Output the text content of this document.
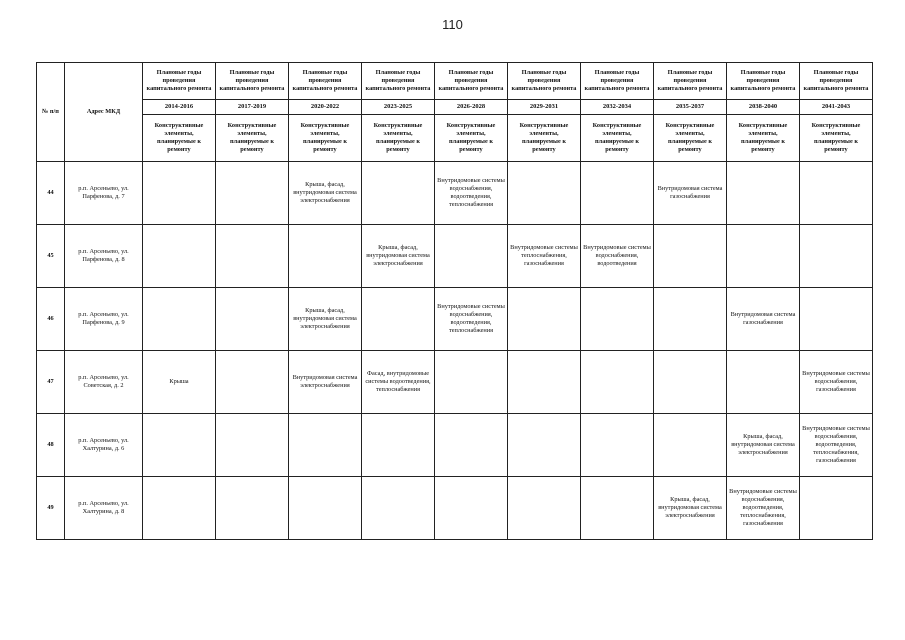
110
№ п/п	Адрес МКД	Плановые годы проведения капитального ремонта	Плановые годы проведения капитального ремонта	Плановые годы проведения капитального ремонта	Плановые годы проведения капитального ремонта	Плановые годы проведения капитального ремонта	Плановые годы проведения капитального ремонта	Плановые годы проведения капитального ремонта	Плановые годы проведения капитального ремонта	Плановые годы проведения капитального ремонта	Плановые годы проведения капитального ремонта
		2014-2016	2017-2019	2020-2022	2023-2025	2026-2028	2029-2031	2032-2034	2035-2037	2038-2040	2041-2043
		Конструктивные элементы, планируемые к ремонту	Конструктивные элементы, планируемые к ремонту	Конструктивные элементы, планируемые к ремонту	Конструктивные элементы, планируемые к ремонту	Конструктивные элементы, планируемые к ремонту	Конструктивные элементы, планируемые к ремонту	Конструктивные элементы, планируемые к ремонту	Конструктивные элементы, планируемые к ремонту	Конструктивные элементы, планируемые к ремонту	Конструктивные элементы, планируемые к ремонту
44	р.п. Арсеньево, ул. Парфенова, д. 7			Крыша, фасад, внутридомовая система электроснабжения		Внутридомовые системы водоснабжения, водоотведения, теплоснабжения			Внутридомовая система газоснабжения		
45	р.п. Арсеньево, ул. Парфенова, д. 8				Крыша, фасад, внутридомовая система электроснабжения		Внутридомовые системы теплоснабжения, газоснабжения	Внутридомовые системы водоснабжения, водоотведения			
46	р.п. Арсеньево, ул. Парфенова, д. 9			Крыша, фасад, внутридомовая система электроснабжения		Внутридомовые системы водоснабжения, водоотведения, теплоснабжения				Внутридомовая система газоснабжения	
47	р.п. Арсеньево, ул. Советская, д. 2	Крыша		Внутридомовая система электроснабжения	Фасад, внутридомовые системы водоотведения, теплоснабжения						Внутридомовые системы водоснабжения, газоснабжения
48	р.п. Арсеньево, ул. Халтурина, д. 6									Крыша, фасад, внутридомовая система электроснабжения	Внутридомовые системы водоснабжения, водоотведения, теплоснабжения, газоснабжения
49	р.п. Арсеньево, ул. Халтурина, д. 8								Крыша, фасад, внутридомовая система электроснабжения	Внутридомовые системы водоснабжения, водоотведения, теплоснабжения, газоснабжения	
